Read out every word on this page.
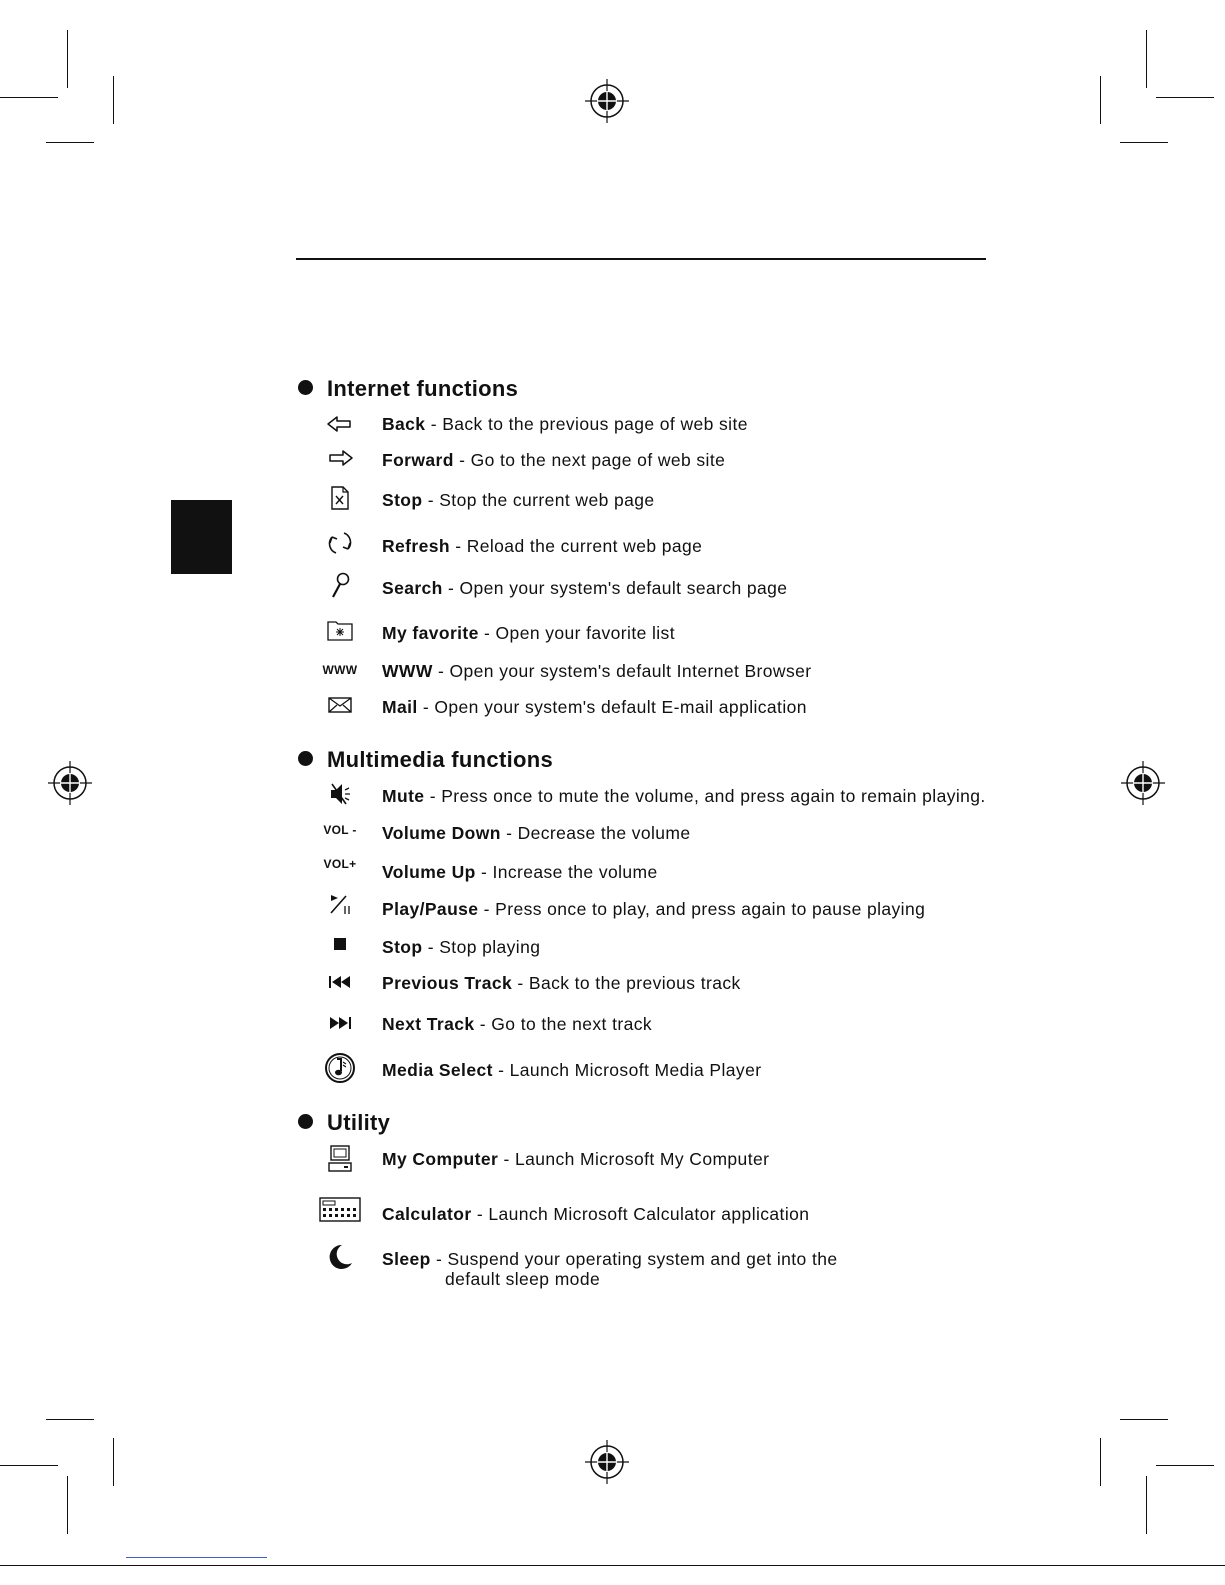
Internet functions
Back - Back to the previous page of web site
Forward - Go to the next page of web site
Stop - Stop the current web page
Refresh - Reload the current web page
Search - Open your system's default search page
My favorite - Open your favorite list
WWW WWW - Open your system's default Internet Browser
Mail - Open your system's default E-mail application
Multimedia functions
Mute - Press once to mute the volume, and press again to remain playing.
VOL -	Volume Down - Decrease the volume
VOL+	Volume Up - Increase the volume
Play/Pause - Press once to play, and press again to pause playing
Stop - Stop playing
Previous Track - Back to the previous track
Next Track - Go to the next track
Media Select - Launch Microsoft Media Player
Utility
My Computer - Launch Microsoft My Computer
Calculator - Launch Microsoft Calculator application
Sleep - Suspend your operating system and get into the
default sleep mode
